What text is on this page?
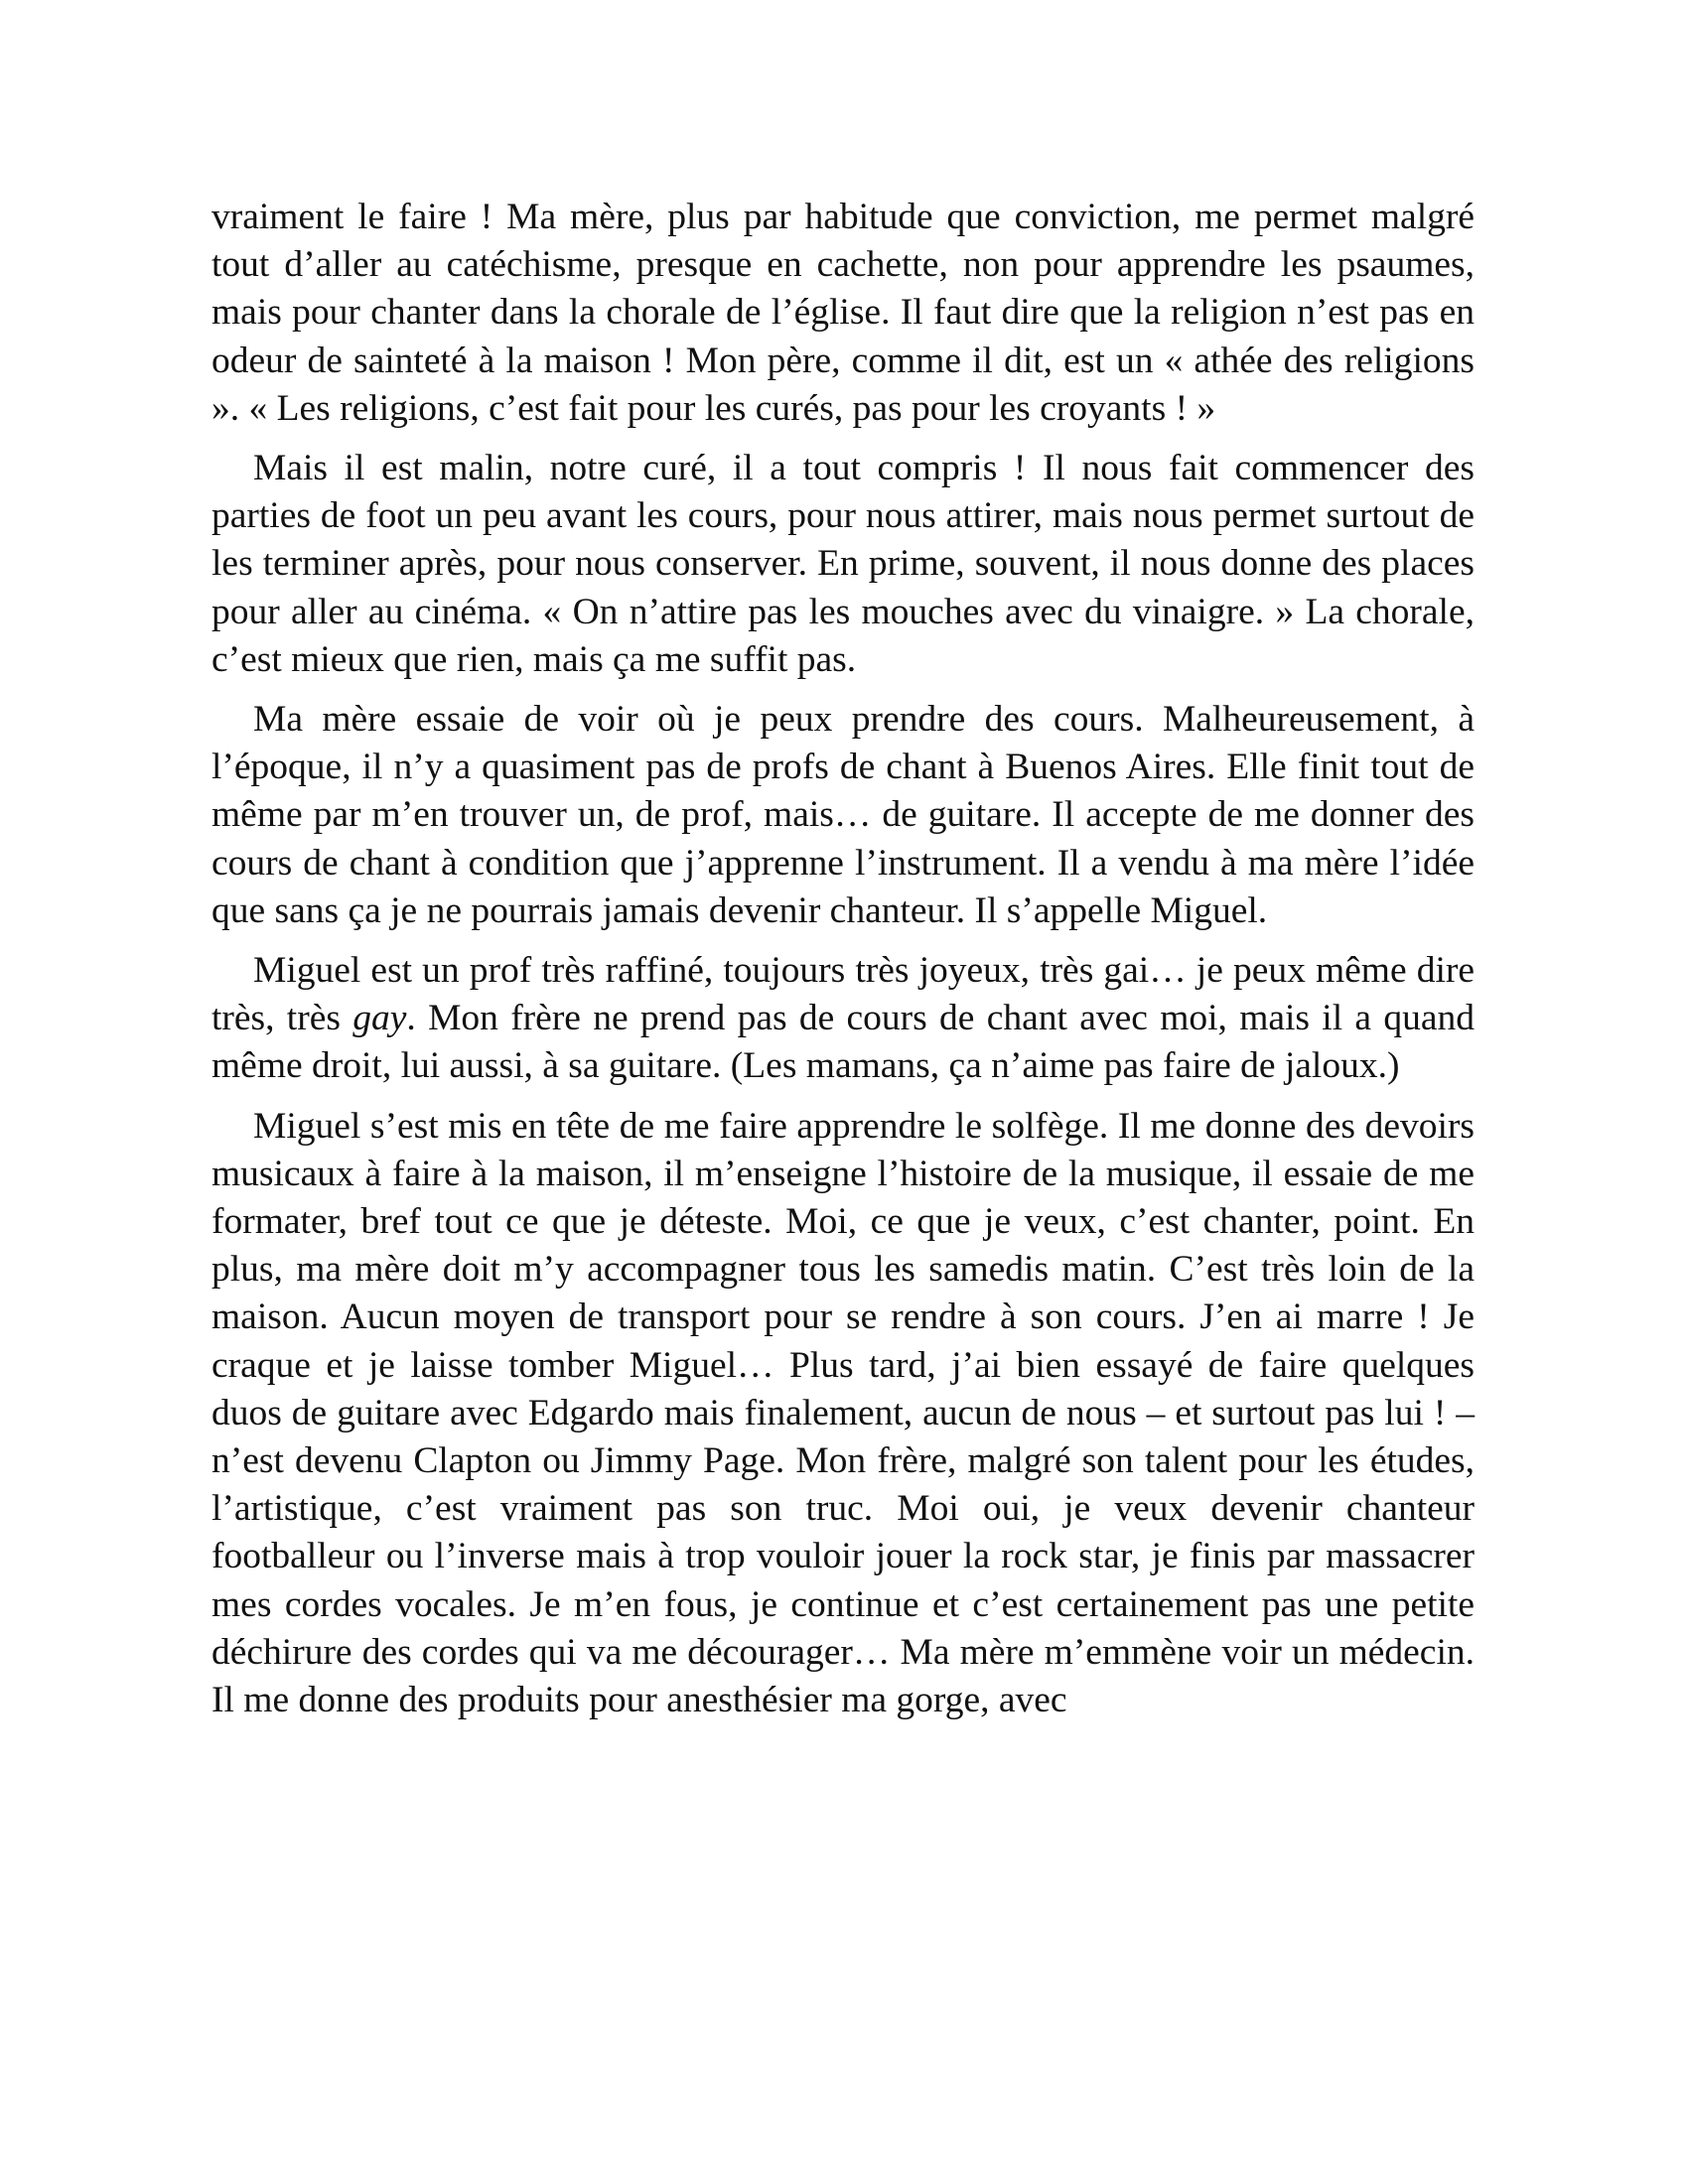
vraiment le faire ! Ma mère, plus par habitude que conviction, me permet malgré tout d’aller au catéchisme, presque en cachette, non pour apprendre les psaumes, mais pour chanter dans la chorale de l’église. Il faut dire que la religion n’est pas en odeur de sainteté à la maison ! Mon père, comme il dit, est un « athée des religions ». « Les religions, c’est fait pour les curés, pas pour les croyants ! »

Mais il est malin, notre curé, il a tout compris ! Il nous fait commencer des parties de foot un peu avant les cours, pour nous attirer, mais nous permet surtout de les terminer après, pour nous conserver. En prime, souvent, il nous donne des places pour aller au cinéma. « On n’attire pas les mouches avec du vinaigre. » La chorale, c’est mieux que rien, mais ça me suffit pas.

Ma mère essaie de voir où je peux prendre des cours. Malheureusement, à l’époque, il n’y a quasiment pas de profs de chant à Buenos Aires. Elle finit tout de même par m’en trouver un, de prof, mais… de guitare. Il accepte de me donner des cours de chant à condition que j’apprenne l’instrument. Il a vendu à ma mère l’idée que sans ça je ne pourrais jamais devenir chanteur. Il s’appelle Miguel.

Miguel est un prof très raffiné, toujours très joyeux, très gai… je peux même dire très, très gay. Mon frère ne prend pas de cours de chant avec moi, mais il a quand même droit, lui aussi, à sa guitare. (Les mamans, ça n’aime pas faire de jaloux.)

Miguel s’est mis en tête de me faire apprendre le solfège. Il me donne des devoirs musicaux à faire à la maison, il m’enseigne l’histoire de la musique, il essaie de me formater, bref tout ce que je déteste. Moi, ce que je veux, c’est chanter, point. En plus, ma mère doit m’y accompagner tous les samedis matin. C’est très loin de la maison. Aucun moyen de transport pour se rendre à son cours. J’en ai marre ! Je craque et je laisse tomber Miguel… Plus tard, j’ai bien essayé de faire quelques duos de guitare avec Edgardo mais finalement, aucun de nous – et surtout pas lui ! – n’est devenu Clapton ou Jimmy Page. Mon frère, malgré son talent pour les études, l’artistique, c’est vraiment pas son truc. Moi oui, je veux devenir chanteur footballeur ou l’inverse mais à trop vouloir jouer la rock star, je finis par massacrer mes cordes vocales. Je m’en fous, je continue et c’est certainement pas une petite déchirure des cordes qui va me décourager… Ma mère m’emmène voir un médecin. Il me donne des produits pour anesthésier ma gorge, avec
